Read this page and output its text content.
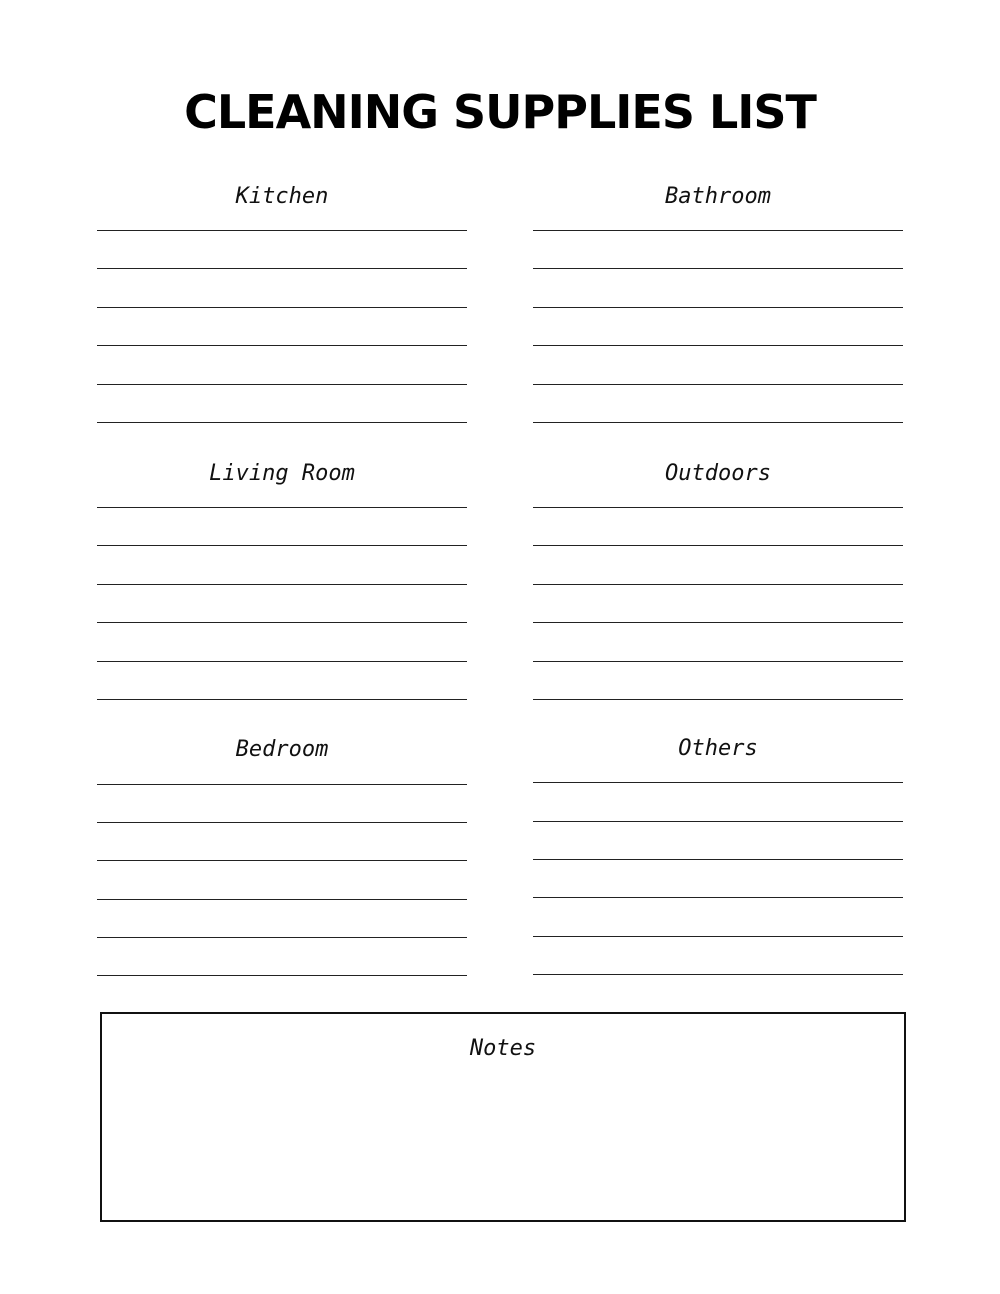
CLEANING SUPPLIES LIST
Kitchen	Bathroom
Living Room	Outdoors
Bedroom	Others
Notes
